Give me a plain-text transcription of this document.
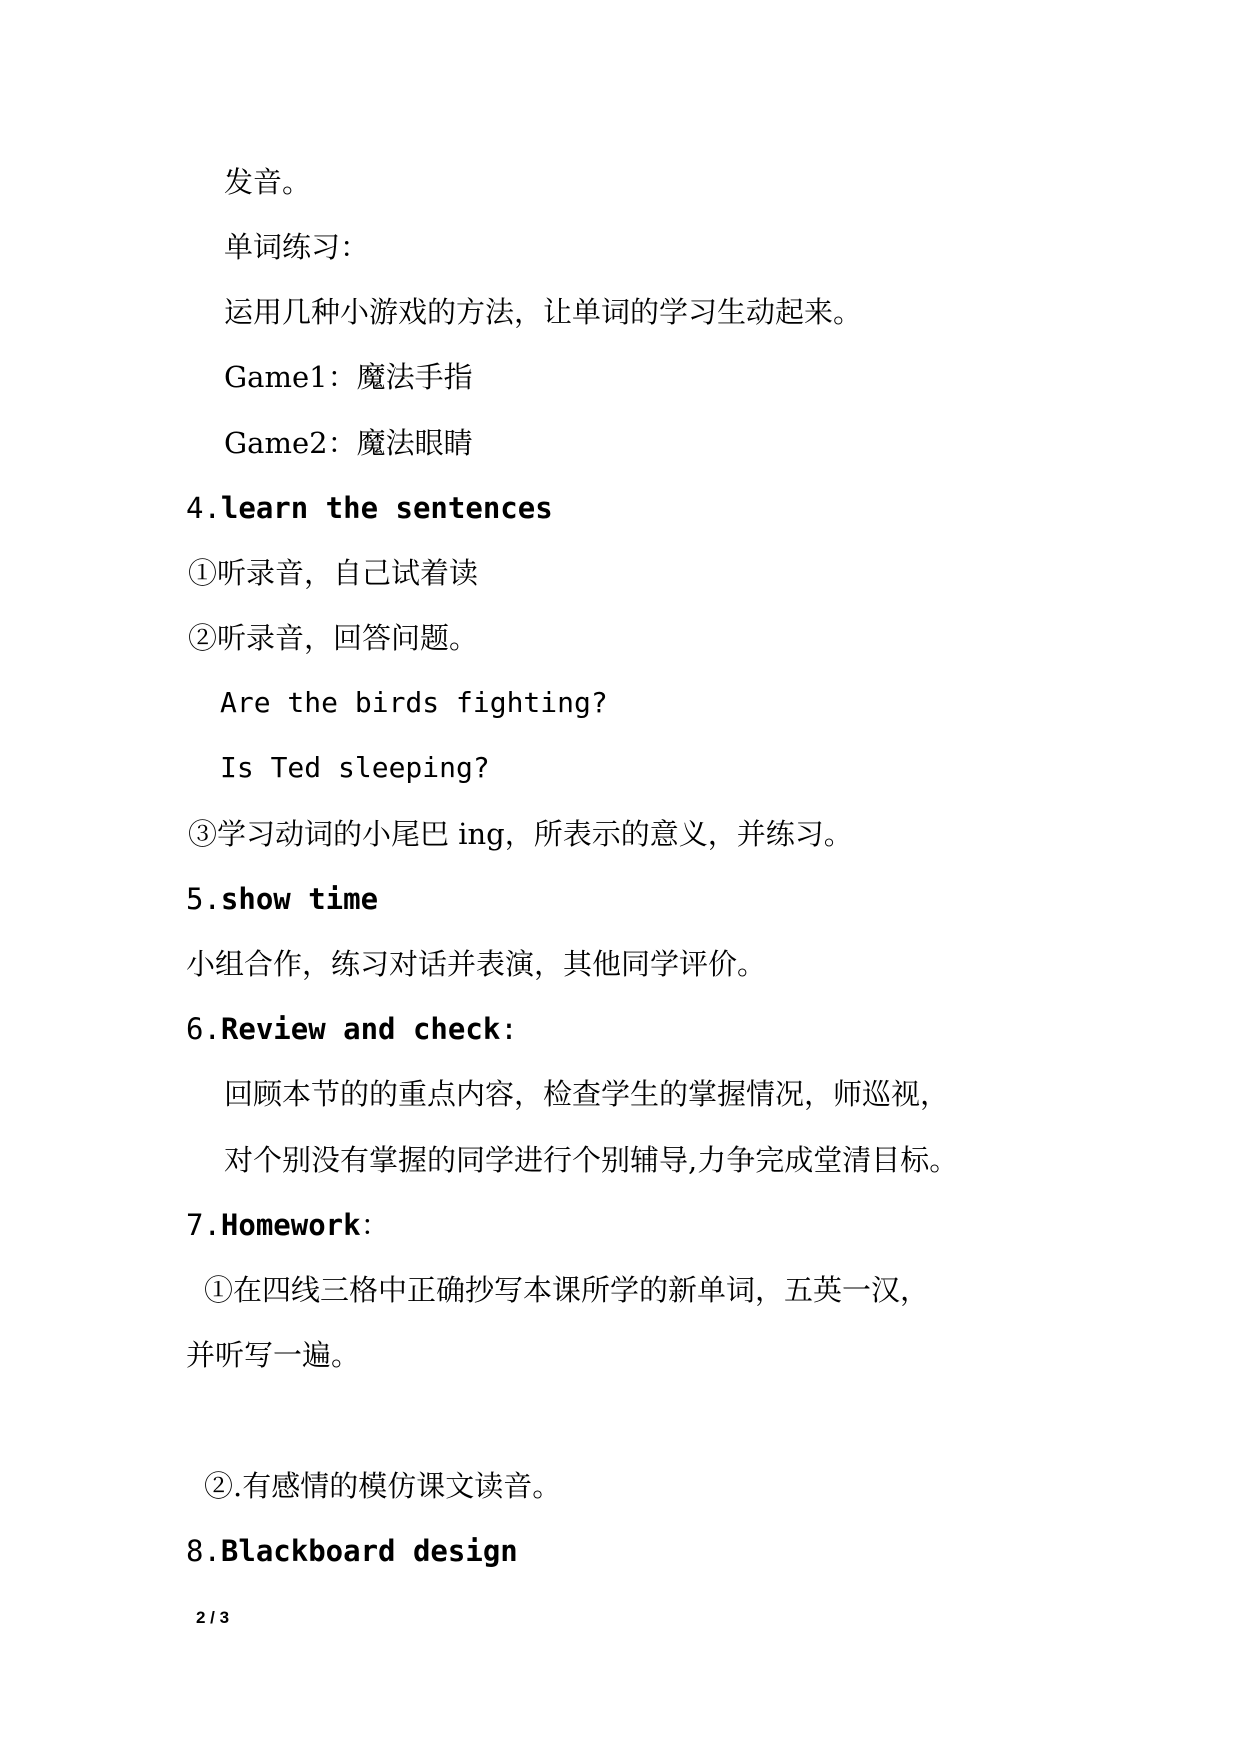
发音。
单词练习：
运用几种小游戏的方法，让单词的学习生动起来。
Game1：魔法手指
Game2：魔法眼睛
4.learn the sentences
①听录音，自己试着读
②听录音，回答问题。
Are the birds fighting?
Is Ted sleeping?
③学习动词的小尾巴 ing，所表示的意义，并练习。
5.show time
小组合作，练习对话并表演，其他同学评价。
6.Review and check:
回顾本节的的重点内容，检查学生的掌握情况，师巡视，
对个别没有掌握的同学进行个别辅导,力争完成堂清目标。
7.Homework：
①在四线三格中正确抄写本课所学的新单词，五英一汉，
并听写一遍。
②.有感情的模仿课文读音。
8.Blackboard design
2 / 3
